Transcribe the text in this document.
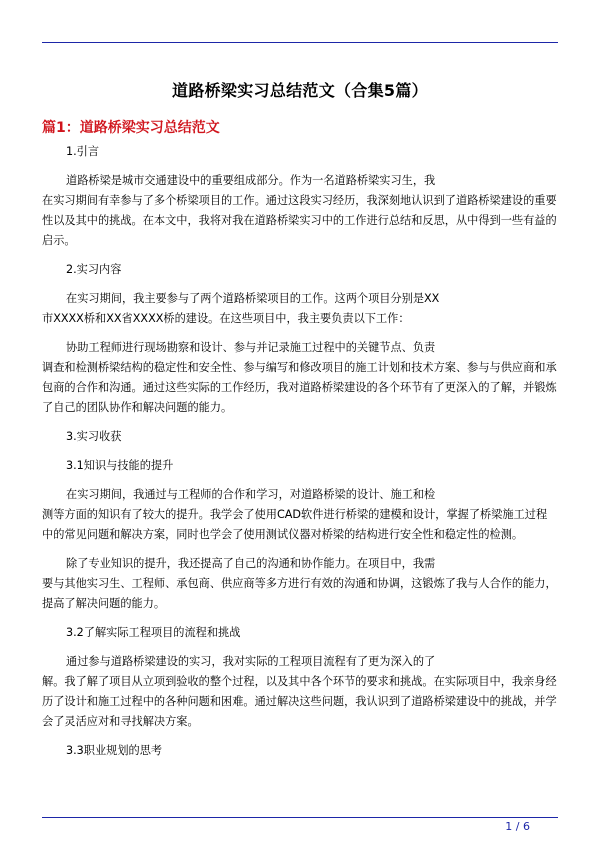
道路桥梁实习总结范文（合集5篇）
篇1：道路桥梁实习总结范文

1.引言

道路桥梁是城市交通建设中的重要组成部分。作为一名道路桥梁实习生，我
在实习期间有幸参与了多个桥梁项目的工作。通过这段实习经历，我深刻地认识到了道路桥梁建设的重要性以及其中的挑战。在本文中，我将对我在道路桥梁实习中的工作进行总结和反思，从中得到一些有益的启示。

2.实习内容

在实习期间，我主要参与了两个道路桥梁项目的工作。这两个项目分别是XX
市XXXX桥和XX省XXXX桥的建设。在这些项目中，我主要负责以下工作：

协助工程师进行现场勘察和设计、参与并记录施工过程中的关键节点、负责
调查和检测桥梁结构的稳定性和安全性、参与编写和修改项目的施工计划和技术方案、参与与供应商和承包商的合作和沟通。通过这些实际的工作经历，我对道路桥梁建设的各个环节有了更深入的了解，并锻炼了自己的团队协作和解决问题的能力。

3.实习收获

3.1知识与技能的提升

在实习期间，我通过与工程师的合作和学习，对道路桥梁的设计、施工和检
测等方面的知识有了较大的提升。我学会了使用CAD软件进行桥梁的建模和设计，掌握了桥梁施工过程中的常见问题和解决方案，同时也学会了使用测试仪器对桥梁的结构进行安全性和稳定性的检测。

除了专业知识的提升，我还提高了自己的沟通和协作能力。在项目中，我需
要与其他实习生、工程师、承包商、供应商等多方进行有效的沟通和协调，这锻炼了我与人合作的能力，提高了解决问题的能力。

3.2了解实际工程项目的流程和挑战

通过参与道路桥梁建设的实习，我对实际的工程项目流程有了更为深入的了
解。我了解了项目从立项到验收的整个过程，以及其中各个环节的要求和挑战。在实际项目中，我亲身经历了设计和施工过程中的各种问题和困难。通过解决这些问题，我认识到了道路桥梁建设中的挑战，并学会了灵活应对和寻找解决方案。

3.3职业规划的思考

1 / 6
